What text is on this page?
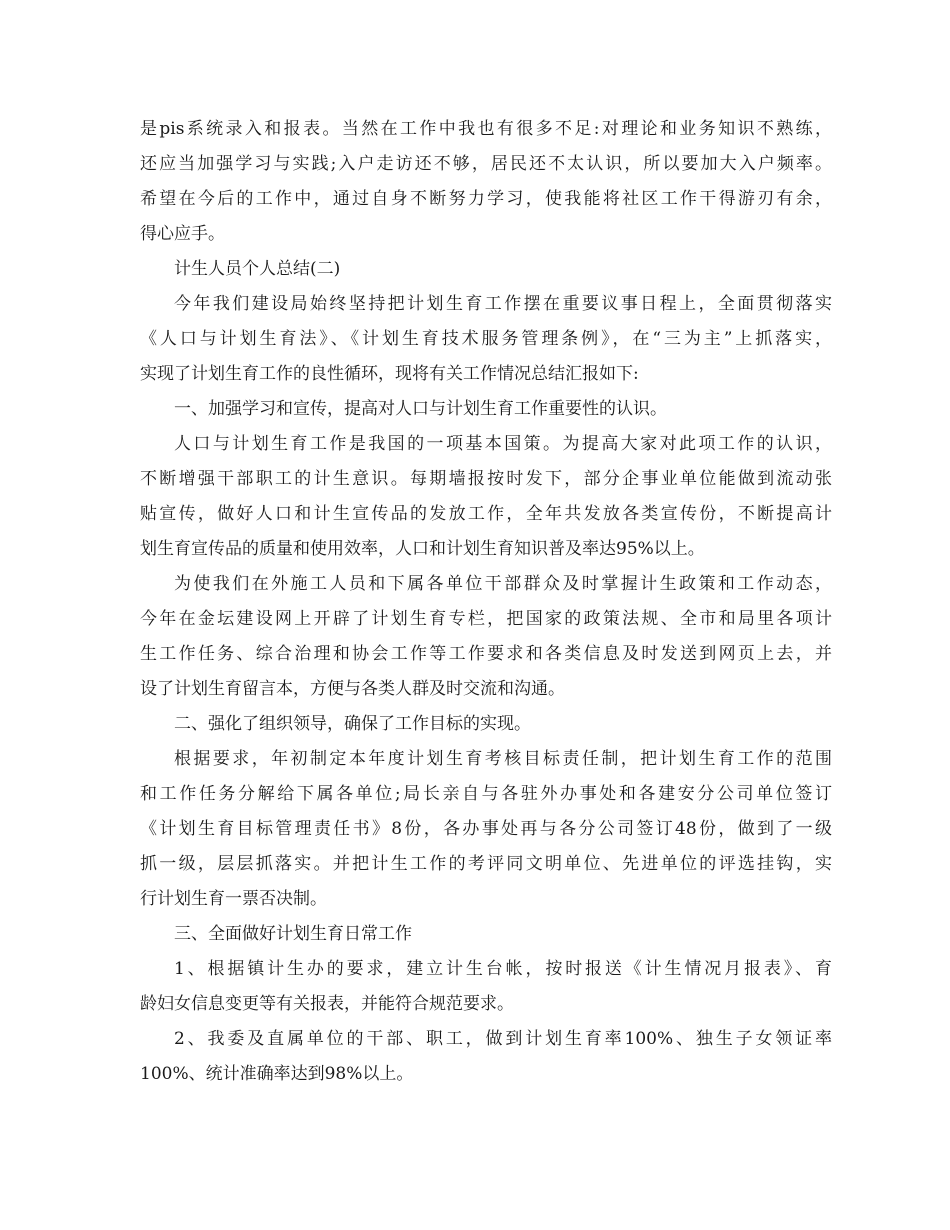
是pis系统录入和报表。当然在工作中我也有很多不足:对理论和业务知识不熟练，
还应当加强学习与实践;入户走访还不够，居民还不太认识，所以要加大入户频率。
希望在今后的工作中，通过自身不断努力学习，使我能将社区工作干得游刃有余，
得心应手。
计生人员个人总结(二)
今年我们建设局始终坚持把计划生育工作摆在重要议事日程上，全面贯彻落实
《人口与计划生育法》、《计划生育技术服务管理条例》，在“三为主”上抓落实，
实现了计划生育工作的良性循环，现将有关工作情况总结汇报如下:
一、加强学习和宣传，提高对人口与计划生育工作重要性的认识。
人口与计划生育工作是我国的一项基本国策。为提高大家对此项工作的认识，
不断增强干部职工的计生意识。每期墙报按时发下，部分企事业单位能做到流动张
贴宣传，做好人口和计生宣传品的发放工作，全年共发放各类宣传份，不断提高计
划生育宣传品的质量和使用效率，人口和计划生育知识普及率达95%以上。
为使我们在外施工人员和下属各单位干部群众及时掌握计生政策和工作动态，
今年在金坛建设网上开辟了计划生育专栏，把国家的政策法规、全市和局里各项计
生工作任务、综合治理和协会工作等工作要求和各类信息及时发送到网页上去，并
设了计划生育留言本，方便与各类人群及时交流和沟通。
二、强化了组织领导，确保了工作目标的实现。
根据要求，年初制定本年度计划生育考核目标责任制，把计划生育工作的范围
和工作任务分解给下属各单位;局长亲自与各驻外办事处和各建安分公司单位签订
《计划生育目标管理责任书》8份，各办事处再与各分公司签订48份，做到了一级
抓一级，层层抓落实。并把计生工作的考评同文明单位、先进单位的评选挂钩，实
行计划生育一票否决制。
三、全面做好计划生育日常工作
1、根据镇计生办的要求，建立计生台帐，按时报送《计生情况月报表》、育
龄妇女信息变更等有关报表，并能符合规范要求。
2、我委及直属单位的干部、职工，做到计划生育率100%、独生子女领证率
100%、统计准确率达到98%以上。
